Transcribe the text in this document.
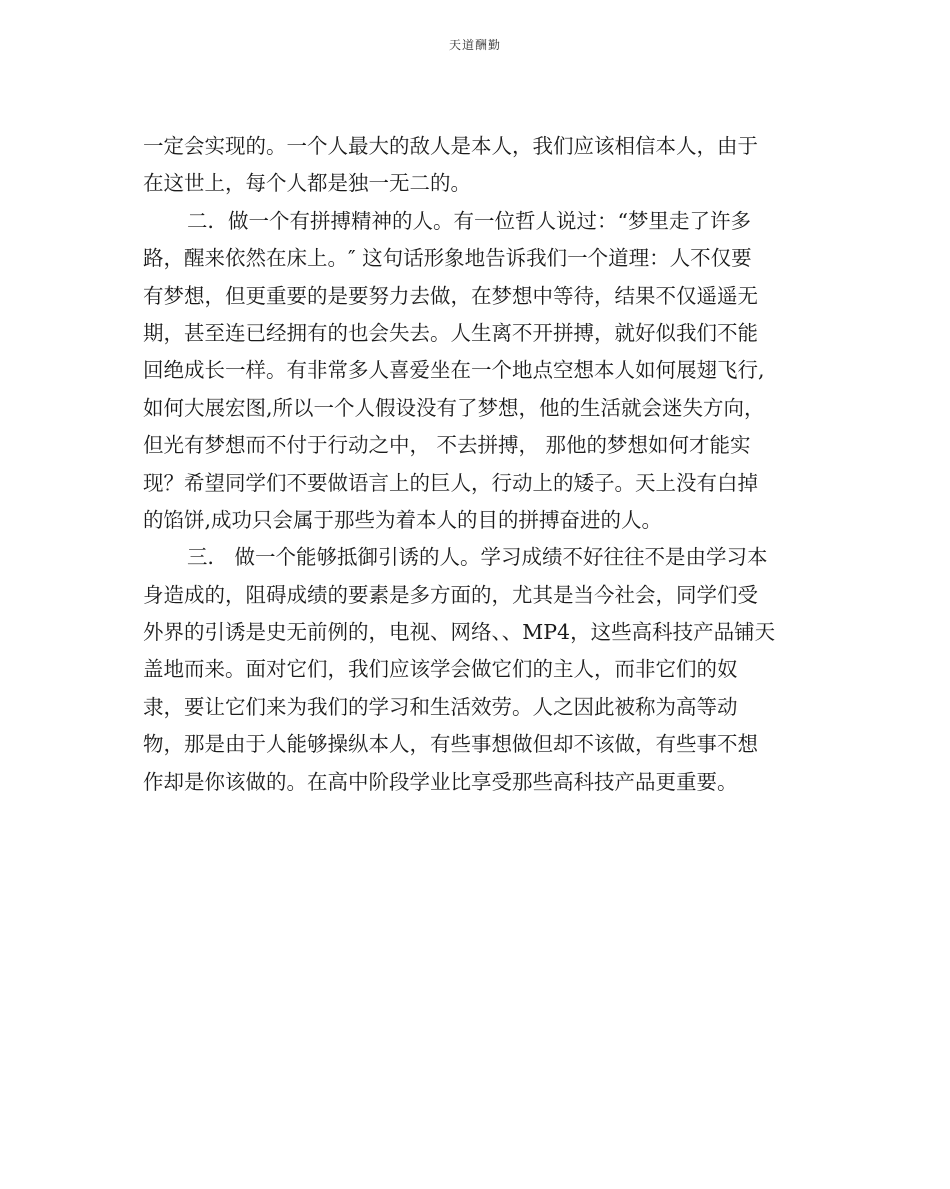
天道酬勤
一定会实现的。一个人最大的敌人是本人，我们应该相信本人，由于
在这世上，每个人都是独一无二的。
二．做一个有拼搏精神的人。有一位哲人说过：“梦里走了许多
路，醒来依然在床上。″ 这句话形象地告诉我们一个道理：人不仅要
有梦想，但更重要的是要努力去做，在梦想中等待，结果不仅遥遥无
期，甚至连已经拥有的也会失去。人生离不开拼搏，就好似我们不能
回绝成长一样。有非常多人喜爱坐在一个地点空想本人如何展翅飞行,
如何大展宏图,所以一个人假设没有了梦想，他的生活就会迷失方向，
但光有梦想而不付于行动之中， 不去拼搏， 那他的梦想如何才能实
现？希望同学们不要做语言上的巨人，行动上的矮子。天上没有白掉
的馅饼,成功只会属于那些为着本人的目的拼搏奋进的人。
三． 做一个能够抵御引诱的人。学习成绩不好往往不是由学习本
身造成的，阻碍成绩的要素是多方面的，尤其是当今社会，同学们受
外界的引诱是史无前例的，电视、网络、、MP4，这些高科技产品铺天
盖地而来。面对它们，我们应该学会做它们的主人，而非它们的奴
隶，要让它们来为我们的学习和生活效劳。人之因此被称为高等动
物，那是由于人能够操纵本人，有些事想做但却不该做，有些事不想
作却是你该做的。在高中阶段学业比享受那些高科技产品更重要。
